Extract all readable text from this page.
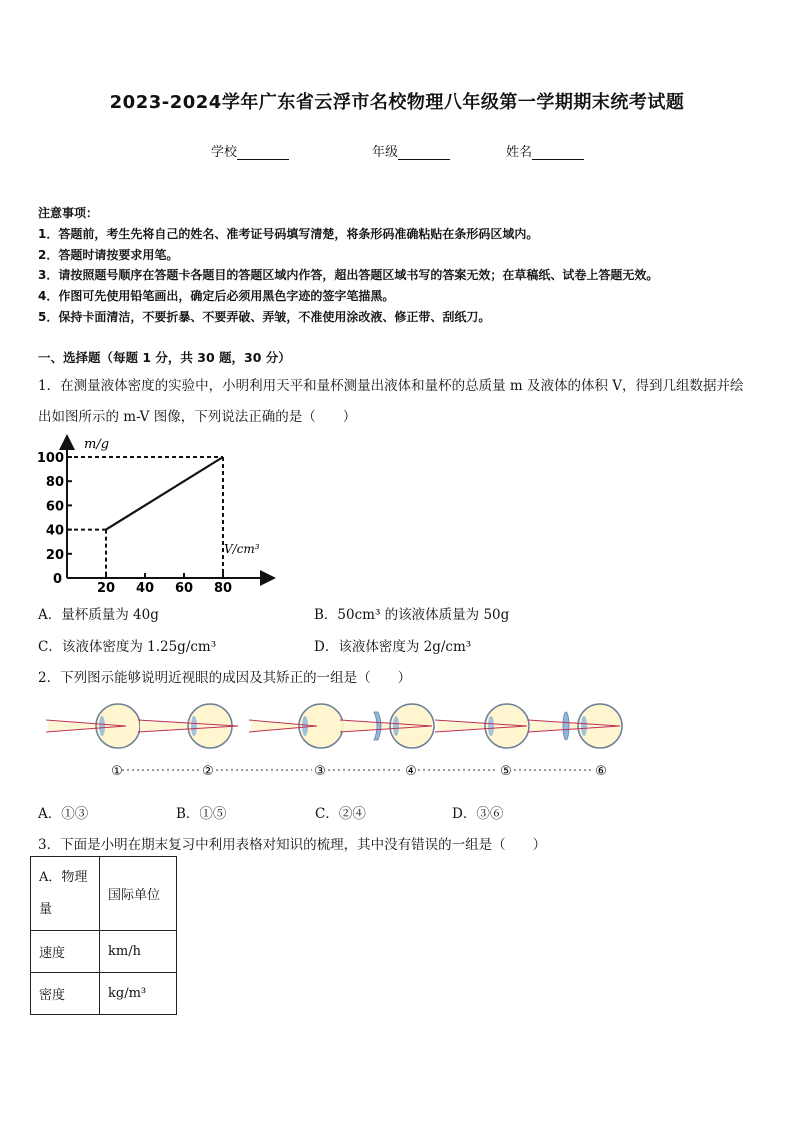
2023-2024学年广东省云浮市名校物理八年级第一学期期末统考试题
学校	年级	姓名
注意事项：
1．答题前，考生先将自己的姓名、准考证号码填写清楚，将条形码准确粘贴在条形码区域内。
2．答题时请按要求用笔。
3．请按照题号顺序在答题卡各题目的答题区域内作答，超出答题区域书写的答案无效；在草稿纸、试卷上答题无效。
4．作图可先使用铅笔画出，确定后必须用黑色字迹的签字笔描黑。
5．保持卡面清洁，不要折暴、不要弄破、弄皱，不准使用涂改液、修正带、刮纸刀。
一、选择题（每题 1 分，共 30 题，30 分）
1．在测量液体密度的实验中，小明利用天平和量杯测量出液体和量杯的总质量 m 及液体的体积 V，得到几组数据并绘
出如图所示的 m-V 图像，下列说法正确的是（　　）
20
40
60
80
100
20 40 60 80
m/g
V/cm³
0
A．量杯质量为 40g	B．50cm³ 的该液体质量为 50g
C．该液体密度为 1.25g/cm³	D．该液体密度为 2g/cm³
2．下列图示能够说明近视眼的成因及其矫正的一组是（　　）
①	②	③	④	⑤	⑥
A．①③	B．①⑤	C．②④	D．③⑥
3．下面是小明在期末复习中利用表格对知识的梳理，其中没有错误的一组是（　　）
A．物理量	国际单位
速度	km/h
密度	kg/m³
